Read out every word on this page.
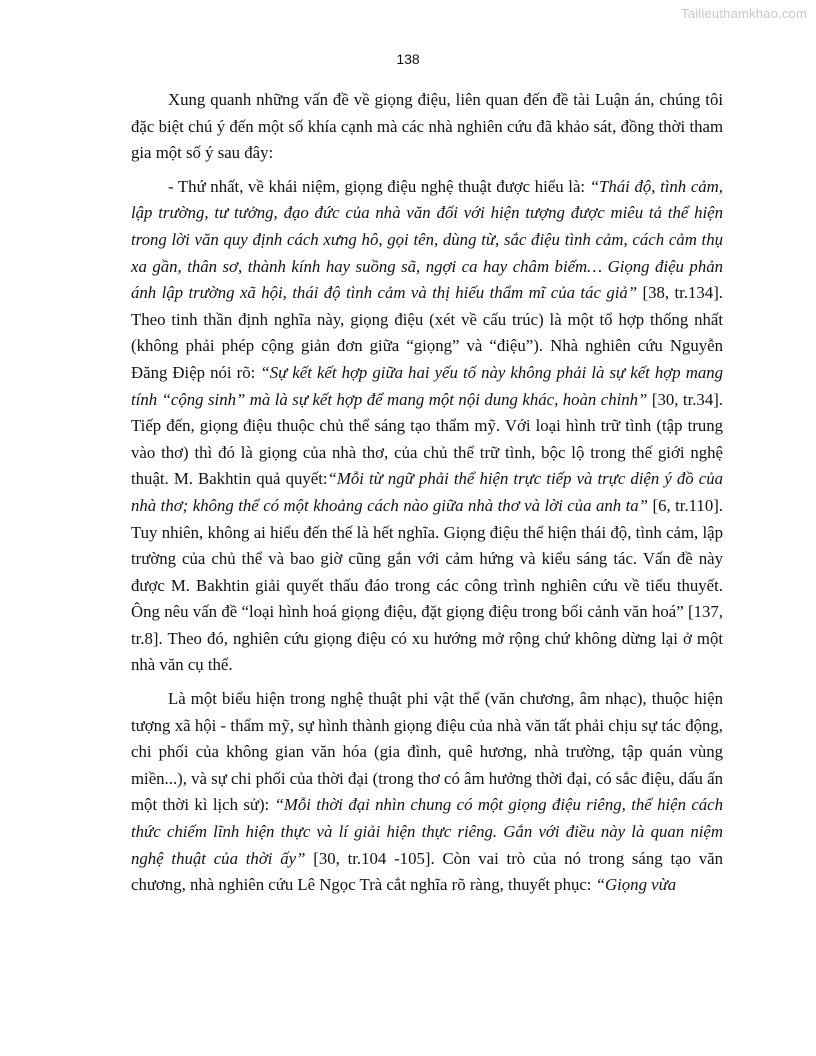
Tailieuthamkhao.com
138

Xung quanh những vấn đề về giọng điệu, liên quan đến đề tài Luận án, chúng tôi đặc biệt chú ý đến một số khía cạnh mà các nhà nghiên cứu đã khảo sát, đồng thời tham gia một số ý sau đây:

- Thứ nhất, về khái niệm, giọng điệu nghệ thuật được hiểu là: “Thái độ, tình cảm, lập trường, tư tưởng, đạo đức của nhà văn đối với hiện tượng được miêu tả thể hiện trong lời văn quy định cách xưng hô, gọi tên, dùng từ, sắc điệu tình cảm, cách cảm thụ xa gần, thân sơ, thành kính hay suồng sã, ngợi ca hay châm biếm… Giọng điệu phản ánh lập trường xã hội, thái độ tình cảm và thị hiếu thẩm mĩ của tác giả” [38, tr.134]. Theo tinh thần định nghĩa này, giọng điệu (xét về cấu trúc) là một tổ hợp thống nhất (không phải phép cộng giản đơn giữa “giọng” và “điệu”). Nhà nghiên cứu Nguyễn Đăng Điệp nói rõ: “Sự kết kết hợp giữa hai yếu tố này không phải là sự kết hợp mang tính “cộng sinh” mà là sự kết hợp để mang một nội dung khác, hoàn chỉnh” [30, tr.34]. Tiếp đến, giọng điệu thuộc chủ thể sáng tạo thẩm mỹ. Với loại hình trữ tình (tập trung vào thơ) thì đó là giọng của nhà thơ, của chủ thể trữ tình, bộc lộ trong thế giới nghệ thuật. M. Bakhtin quả quyết:“Mỗi từ ngữ phải thể hiện trực tiếp và trực diện ý đồ của nhà thơ; không thể có một khoảng cách nào giữa nhà thơ và lời của anh ta” [6, tr.110]. Tuy nhiên, không ai hiểu đến thế là hết nghĩa. Giọng điệu thể hiện thái độ, tình cảm, lập trường của chủ thể và bao giờ cũng gắn với cảm hứng và kiểu sáng tác. Vấn đề này được M. Bakhtin giải quyết thấu đáo trong các công trình nghiên cứu về tiểu thuyết. Ông nêu vấn đề “loại hình hoá giọng điệu, đặt giọng điệu trong bối cảnh văn hoá” [137, tr.8]. Theo đó, nghiên cứu giọng điệu có xu hướng mở rộng chứ không dừng lại ở một nhà văn cụ thể.

Là một biểu hiện trong nghệ thuật phi vật thể (văn chương, âm nhạc), thuộc hiện tượng xã hội - thẩm mỹ, sự hình thành giọng điệu của nhà văn tất phải chịu sự tác động, chi phối của không gian văn hóa (gia đình, quê hương, nhà trường, tập quán vùng miền...), và sự chi phối của thời đại (trong thơ có âm hưởng thời đại, có sắc điệu, dấu ấn một thời kì lịch sử): “Mỗi thời đại nhìn chung có một giọng điệu riêng, thể hiện cách thức chiếm lĩnh hiện thực và lí giải hiện thực riêng. Gắn với điều này là quan niệm nghệ thuật của thời ấy” [30, tr.104 -105]. Còn vai trò của nó trong sáng tạo văn chương, nhà nghiên cứu Lê Ngọc Trà cắt nghĩa rõ ràng, thuyết phục: “Giọng vừa
